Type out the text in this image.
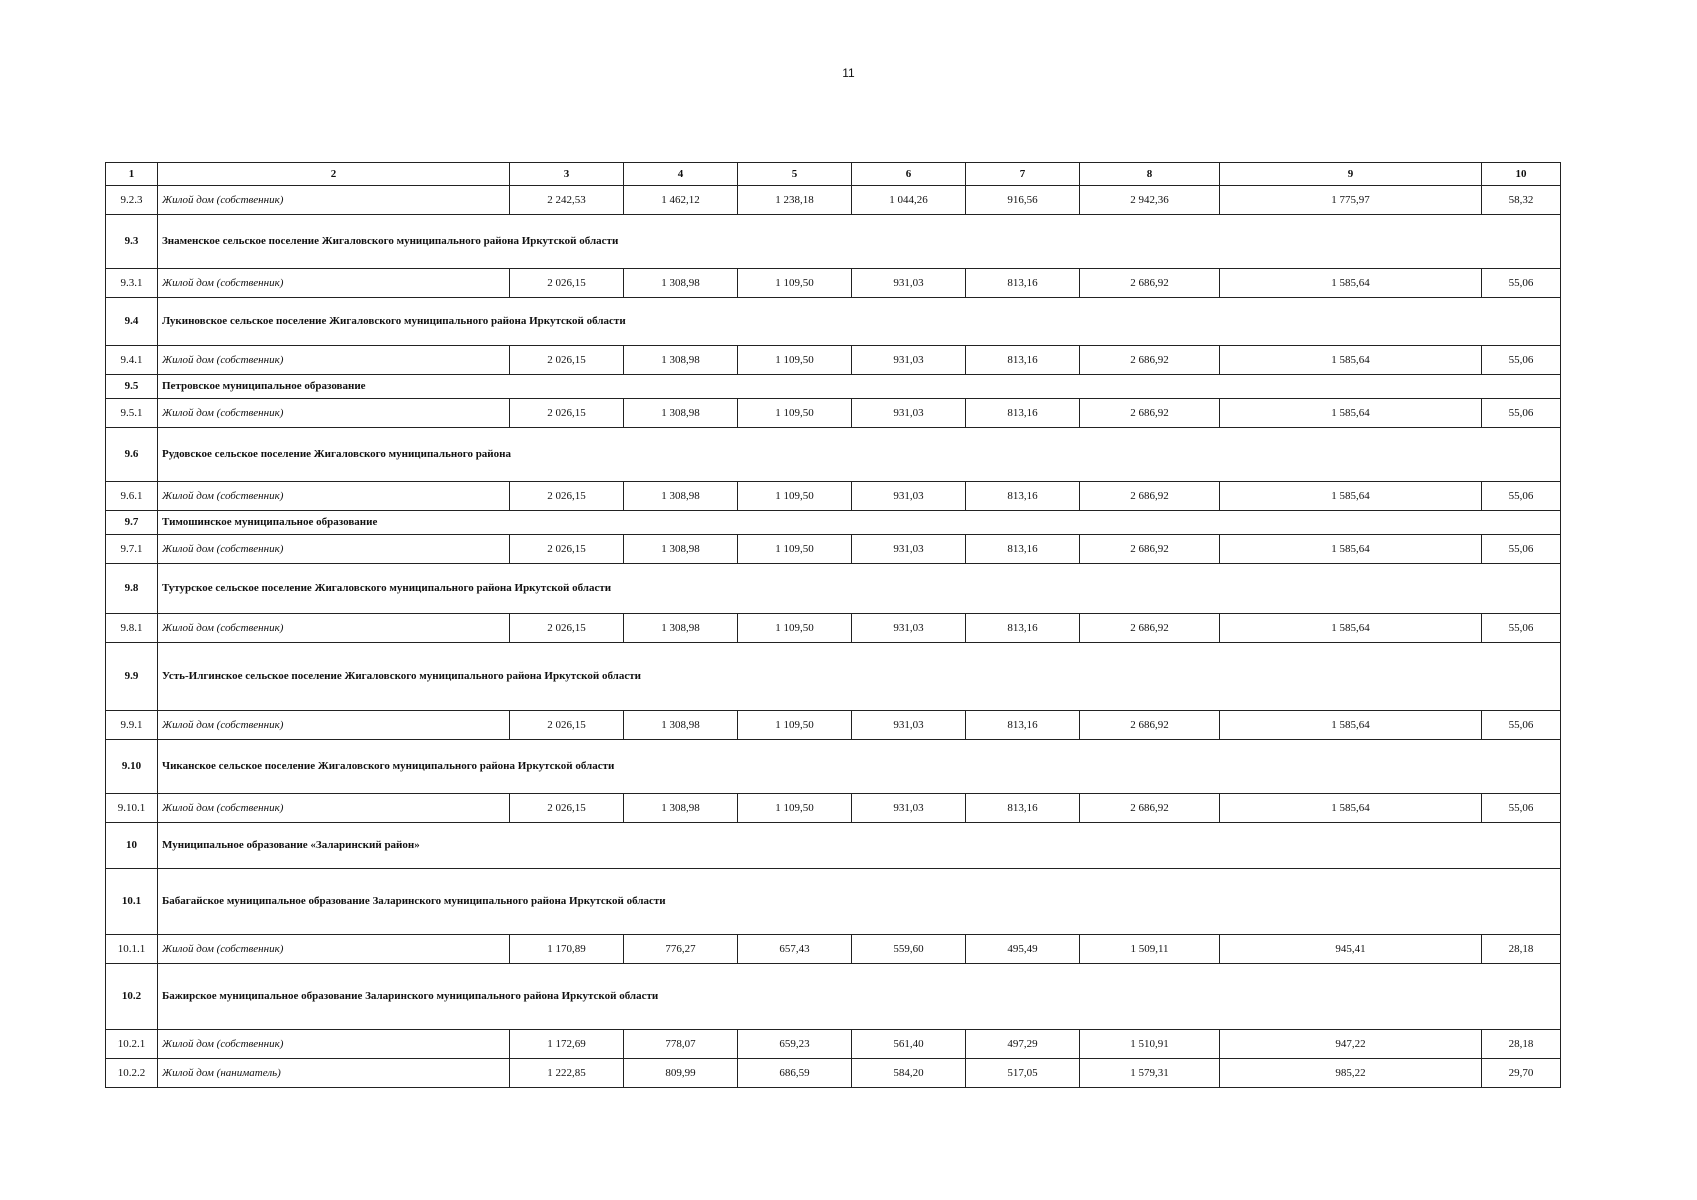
11
1	2	3	4	5	6	7	8	9	10
9.2.3	Жилой дом (собственник)	2 242,53	1 462,12	1 238,18	1 044,26	916,56	2 942,36	1 775,97	58,32
9.3	Знаменское сельское поселение Жигаловского муниципального района Иркутской области								

9.3.1	Жилой дом (собственник)	2 026,15	1 308,98	1 109,50	931,03	813,16	2 686,92	1 585,64	55,06
9.4	Лукиновское сельское поселение Жигаловского муниципального района Иркутской области								

9.4.1	Жилой дом (собственник)	2 026,15	1 308,98	1 109,50	931,03	813,16	2 686,92	1 585,64	55,06
9.5	Петровское муниципальное образование								

9.5.1	Жилой дом (собственник)	2 026,15	1 308,98	1 109,50	931,03	813,16	2 686,92	1 585,64	55,06
9.6	Рудовское сельское поселение Жигаловского муниципального района								

9.6.1	Жилой дом (собственник)	2 026,15	1 308,98	1 109,50	931,03	813,16	2 686,92	1 585,64	55,06
9.7	Тимошинское муниципальное образование								

9.7.1	Жилой дом (собственник)	2 026,15	1 308,98	1 109,50	931,03	813,16	2 686,92	1 585,64	55,06
9.8	Тутурское сельское поселение Жигаловского муниципального района Иркутской области								

9.8.1	Жилой дом (собственник)	2 026,15	1 308,98	1 109,50	931,03	813,16	2 686,92	1 585,64	55,06
9.9	Усть-Илгинское сельское поселение Жигаловского муниципального района Иркутской области								

9.9.1	Жилой дом (собственник)	2 026,15	1 308,98	1 109,50	931,03	813,16	2 686,92	1 585,64	55,06
9.10	Чиканское сельское поселение Жигаловского муниципального района Иркутской области								

9.10.1	Жилой дом (собственник)	2 026,15	1 308,98	1 109,50	931,03	813,16	2 686,92	1 585,64	55,06
10	Муниципальное образование «Заларинский район»								

10.1	Бабагайское муниципальное образование Заларинского муниципального района Иркутской области								

10.1.1	Жилой дом (собственник)	1 170,89	776,27	657,43	559,60	495,49	1 509,11	945,41	28,18
10.2	Бажирское муниципальное образование Заларинского муниципального района Иркутской области								

10.2.1	Жилой дом (собственник)	1 172,69	778,07	659,23	561,40	497,29	1 510,91	947,22	28,18
10.2.2	Жилой дом (наниматель)	1 222,85	809,99	686,59	584,20	517,05	1 579,31	985,22	29,70
